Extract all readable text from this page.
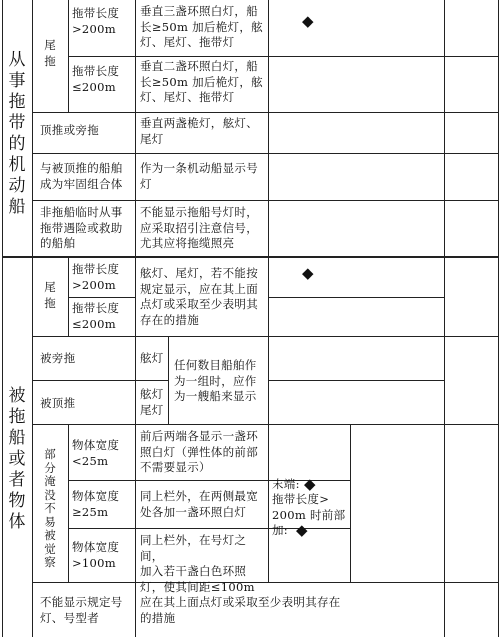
从
事
拖
带
的
机
动
船
尾
拖
拖带长度
>200m
垂直三盏环照白灯，船
长≥50m 加后桅灯，舷
灯、尾灯、拖带灯
◆
拖带长度
≤200m
垂直二盏环照白灯，船
长≥50m 加后桅灯，舷
灯、尾灯、拖带灯
顶推或旁拖	垂直两盏桅灯，舷灯、
尾灯
与被顶推的船舶
成为牢固组合体
作为一条机动船显示号
灯
非拖船临时从事
拖带遇险或救助
的船舶
不能显示拖船号灯时，
应采取招引注意信号，
尤其应将拖缆照亮
被
拖
船
或
者
物
体
尾
拖
拖带长度
>200m
拖带长度
≤200m
舷灯、尾灯，若不能按
规定显示，应在其上面
点灯或采取至少表明其
存在的措施
◆
被旁拖	舷灯
被顶推
舷灯
尾灯
任何数目船舶作
为一组时，应作
为一艘船来显示
部
分
淹
没
不
易
被
觉
察
物体宽度
<25m
前后两端各显示一盏环
照白灯（弹性体的前部
不需要显示）
物体宽度
≥25m
同上栏外，在两侧最宽
处各加一盏环照白灯
物体宽度
>100m
同上栏外，在号灯之间，
加入若干盏白色环照
灯，使其间距≤100m
末端: ◆
拖带长度>
200m 时前部
加: ◆
不能显示规定号
灯、号型者
应在其上面点灯或采取至少表明其存在
的措施
